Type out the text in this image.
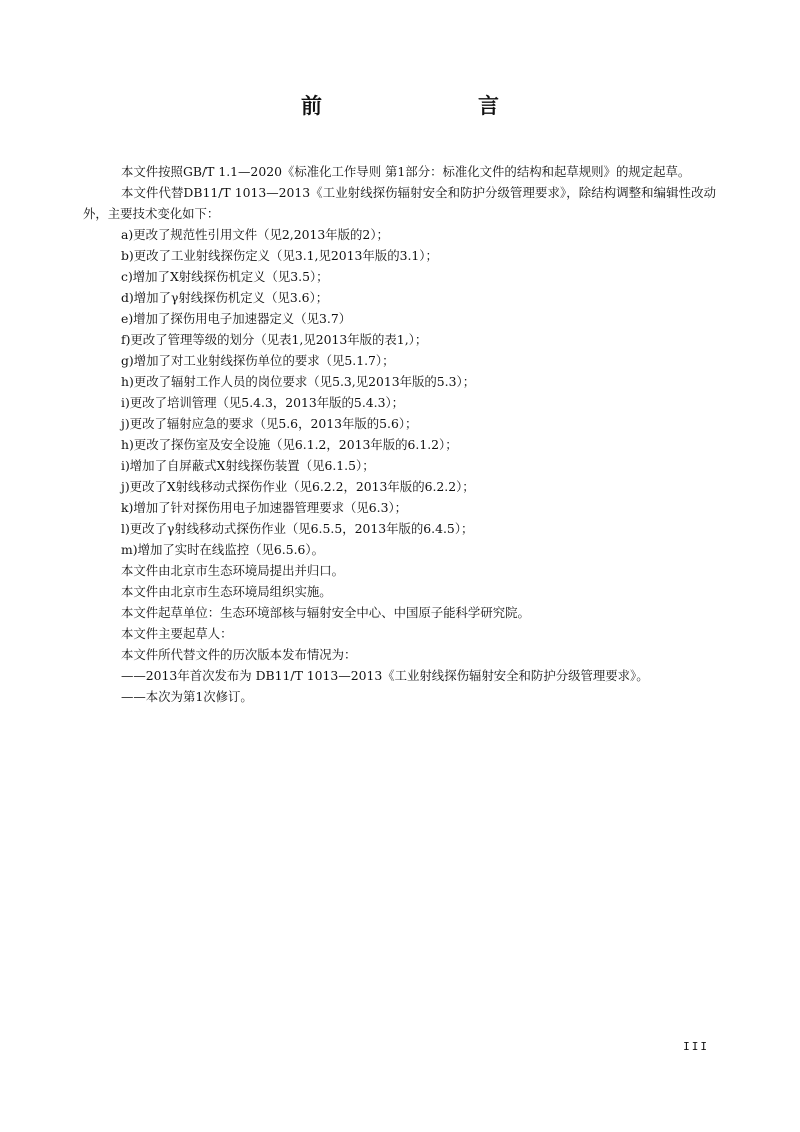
前　　言

本文件按照GB/T 1.1—2020《标准化工作导则 第1部分：标准化文件的结构和起草规则》的规定起草。

本文件代替DB11/T 1013—2013《工业射线探伤辐射安全和防护分级管理要求》，除结构调整和编辑性改动外，主要技术变化如下：

a)更改了规范性引用文件（见2,2013年版的2）；

b)更改了工业射线探伤定义（见3.1,见2013年版的3.1）；

c)增加了X射线探伤机定义（见3.5）；

d)增加了γ射线探伤机定义（见3.6）；

e)增加了探伤用电子加速器定义（见3.7）

f)更改了管理等级的划分（见表1,见2013年版的表1,）；

g)增加了对工业射线探伤单位的要求（见5.1.7）；

h)更改了辐射工作人员的岗位要求（见5.3,见2013年版的5.3）；

i)更改了培训管理（见5.4.3，2013年版的5.4.3）；

j)更改了辐射应急的要求（见5.6，2013年版的5.6）；

h)更改了探伤室及安全设施（见6.1.2，2013年版的6.1.2）；

i)增加了自屏蔽式X射线探伤装置（见6.1.5）；

j)更改了X射线移动式探伤作业（见6.2.2，2013年版的6.2.2）；

k)增加了针对探伤用电子加速器管理要求（见6.3）；

l)更改了γ射线移动式探伤作业（见6.5.5，2013年版的6.4.5）；

m)增加了实时在线监控（见6.5.6）。

本文件由北京市生态环境局提出并归口。

本文件由北京市生态环境局组织实施。

本文件起草单位：生态环境部核与辐射安全中心、中国原子能科学研究院。

本文件主要起草人：

本文件所代替文件的历次版本发布情况为：

——2013年首次发布为 DB11/T 1013—2013《工业射线探伤辐射安全和防护分级管理要求》。

——本次为第1次修订。

III
